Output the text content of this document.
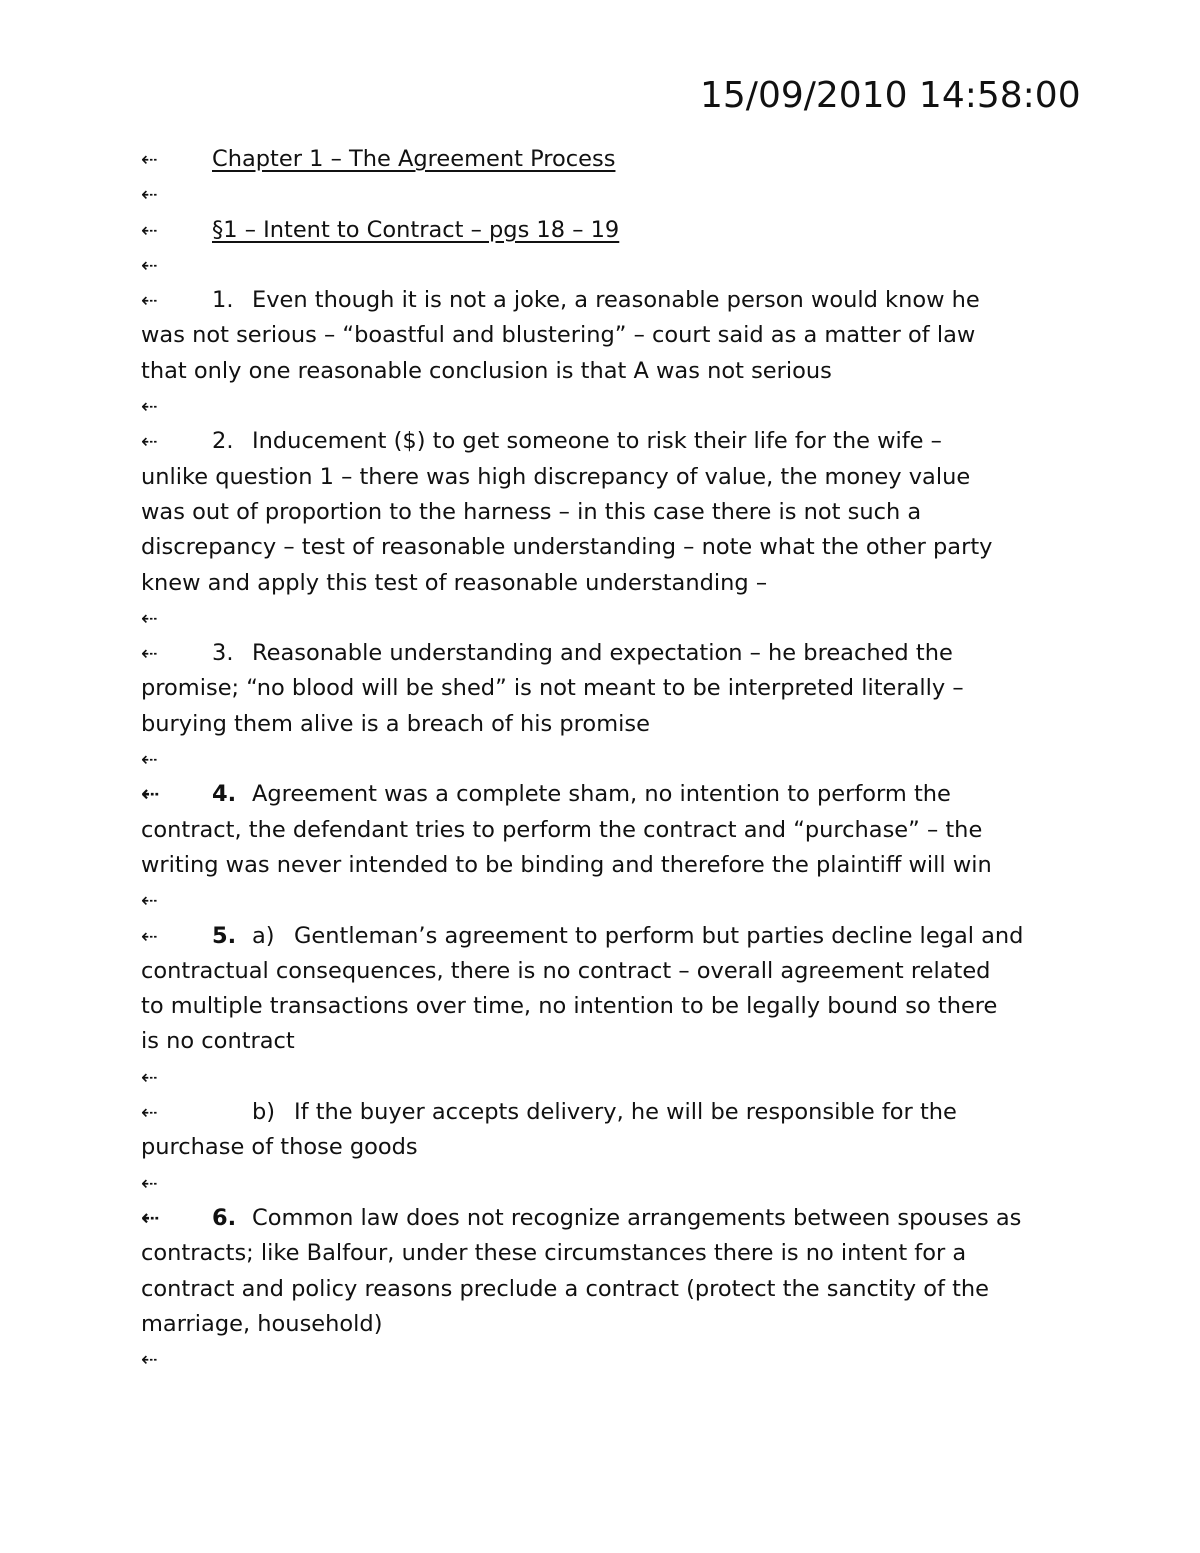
15/09/2010 14:58:00
⇠ Chapter 1 – The Agreement Process
⇠
⇠ §1 – Intent to Contract – pgs 18 – 19
⇠
⇠ 1. Even though it is not a joke, a reasonable person would know he
was not serious – “boastful and blustering” – court said as a matter of law
that only one reasonable conclusion is that A was not serious
⇠
⇠ 2. Inducement ($) to get someone to risk their life for the wife –
unlike question 1 – there was high discrepancy of value, the money value
was out of proportion to the harness – in this case there is not such a
discrepancy – test of reasonable understanding – note what the other party
knew and apply this test of reasonable understanding –
⇠
⇠ 3. Reasonable understanding and expectation – he breached the
promise; “no blood will be shed” is not meant to be interpreted literally –
burying them alive is a breach of his promise
⇠
⇠ 4. Agreement was a complete sham, no intention to perform the
contract, the defendant tries to perform the contract and “purchase” – the
writing was never intended to be binding and therefore the plaintiff will win
⇠
⇠ 5. a) Gentleman’s agreement to perform but parties decline legal and
contractual consequences, there is no contract – overall agreement related
to multiple transactions over time, no intention to be legally bound so there
is no contract
⇠
⇠	b) If the buyer accepts delivery, he will be responsible for the
purchase of those goods
⇠
⇠ 6. Common law does not recognize arrangements between spouses as
contracts; like Balfour, under these circumstances there is no intent for a
contract and policy reasons preclude a contract (protect the sanctity of the
marriage, household)
⇠
